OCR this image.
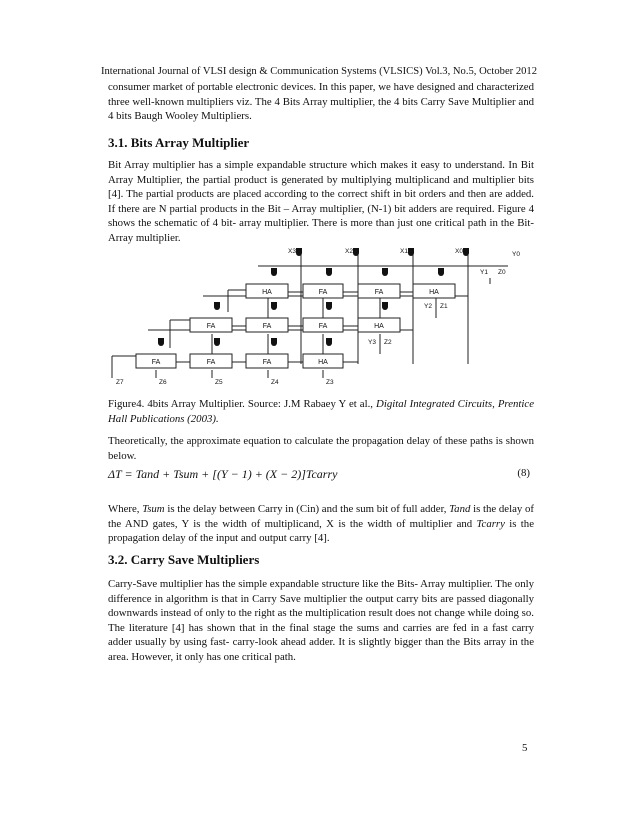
International Journal of VLSI design & Communication Systems (VLSICS) Vol.3, No.5, October 2012

consumer market of portable electronic devices. In this paper, we have designed and characterized three well-known multipliers viz. The 4 Bits Array multiplier, the 4 bits Carry Save Multiplier and 4 bits Baugh Wooley Multipliers.

3.1. Bits Array Multiplier

Bit Array multiplier has a simple expandable structure which makes it easy to understand. In Bit Array Multiplier, the partial product is generated by multiplying multiplicand and multiplier bits [4]. The partial products are placed according to the correct shift in bit orders and then are added. If there are N partial products in the Bit – Array multiplier, (N-1) bit adders are required. Figure 4 shows the schematic of 4 bit- array multiplier. There is more than just one critical path in the Bit-Array multiplier.

HA	FA	FA	HA
FA	FA	FA	HA
FA	FA	FA	HA
X3	X2	X1	X0	Y0
Y1
Y2
Y3
Z0
Z1
Z2
Z3
Z4
Z5
Z6
Z7

Figure4. 4bits Array Multiplier. Source: J.M Rabaey Y et al., Digital Integrated Circuits, Prentice Hall Publications (2003).

Theoretically, the approximate equation to calculate the propagation delay of these paths is shown below.

ΔT = Tand + Tsum + [(Y − 1) + (X − 2)]Tcarry	(8)

Where, Tsum is the delay between Carry in (Cin) and the sum bit of full adder, Tand is the delay of the AND gates, Y is the width of multiplicand, X is the width of multiplier and Tcarry is the propagation delay of the input and output carry [4].

3.2. Carry Save Multipliers

Carry-Save multiplier has the simple expandable structure like the Bits- Array multiplier. The only difference in algorithm is that in Carry Save multiplier the output carry bits are passed diagonally downwards instead of only to the right as the multiplication result does not change while doing so. The literature [4] has shown that in the final stage the sums and carries are fed in a fast carry adder usually by using fast- carry-look ahead adder. It is slightly bigger than the Bits array in the area. However, it only has one critical path.

5
